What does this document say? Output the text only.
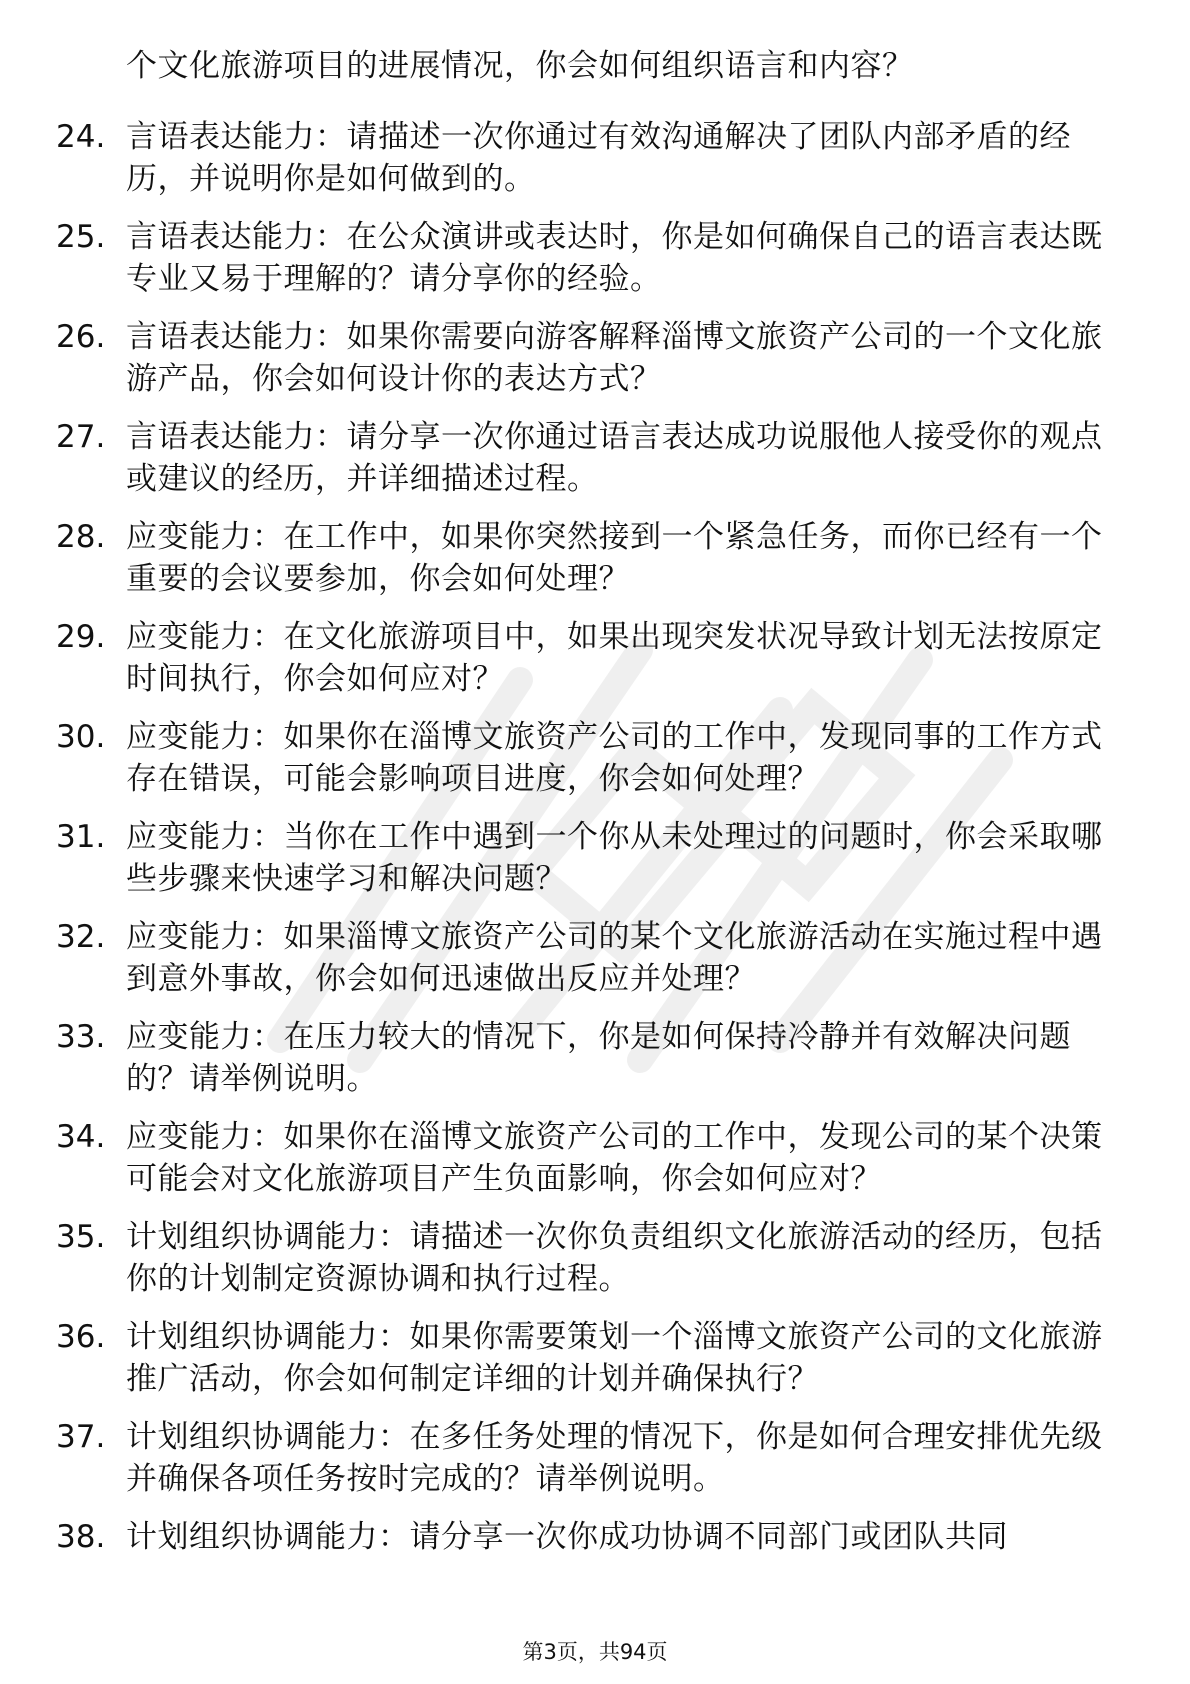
个文化旅游项目的进展情况，你会如何组织语言和内容？
24. 言语表达能力：请描述一次你通过有效沟通解决了团队内部矛盾的经历，并说明你是如何做到的。
25. 言语表达能力：在公众演讲或表达时，你是如何确保自己的语言表达既专业又易于理解的？请分享你的经验。
26. 言语表达能力：如果你需要向游客解释淄博文旅资产公司的一个文化旅游产品，你会如何设计你的表达方式？
27. 言语表达能力：请分享一次你通过语言表达成功说服他人接受你的观点或建议的经历，并详细描述过程。
28. 应变能力：在工作中，如果你突然接到一个紧急任务，而你已经有一个重要的会议要参加，你会如何处理？
29. 应变能力：在文化旅游项目中，如果出现突发状况导致计划无法按原定时间执行，你会如何应对？
30. 应变能力：如果你在淄博文旅资产公司的工作中，发现同事的工作方式存在错误，可能会影响项目进度，你会如何处理？
31. 应变能力：当你在工作中遇到一个你从未处理过的问题时，你会采取哪些步骤来快速学习和解决问题？
32. 应变能力：如果淄博文旅资产公司的某个文化旅游活动在实施过程中遇到意外事故，你会如何迅速做出反应并处理？
33. 应变能力：在压力较大的情况下，你是如何保持冷静并有效解决问题的？请举例说明。
34. 应变能力：如果你在淄博文旅资产公司的工作中，发现公司的某个决策可能会对文化旅游项目产生负面影响，你会如何应对？
35. 计划组织协调能力：请描述一次你负责组织文化旅游活动的经历，包括你的计划制定资源协调和执行过程。
36. 计划组织协调能力：如果你需要策划一个淄博文旅资产公司的文化旅游推广活动，你会如何制定详细的计划并确保执行？
37. 计划组织协调能力：在多任务处理的情况下，你是如何合理安排优先级并确保各项任务按时完成的？请举例说明。
38. 计划组织协调能力：请分享一次你成功协调不同部门或团队共同
第3页，共94页
